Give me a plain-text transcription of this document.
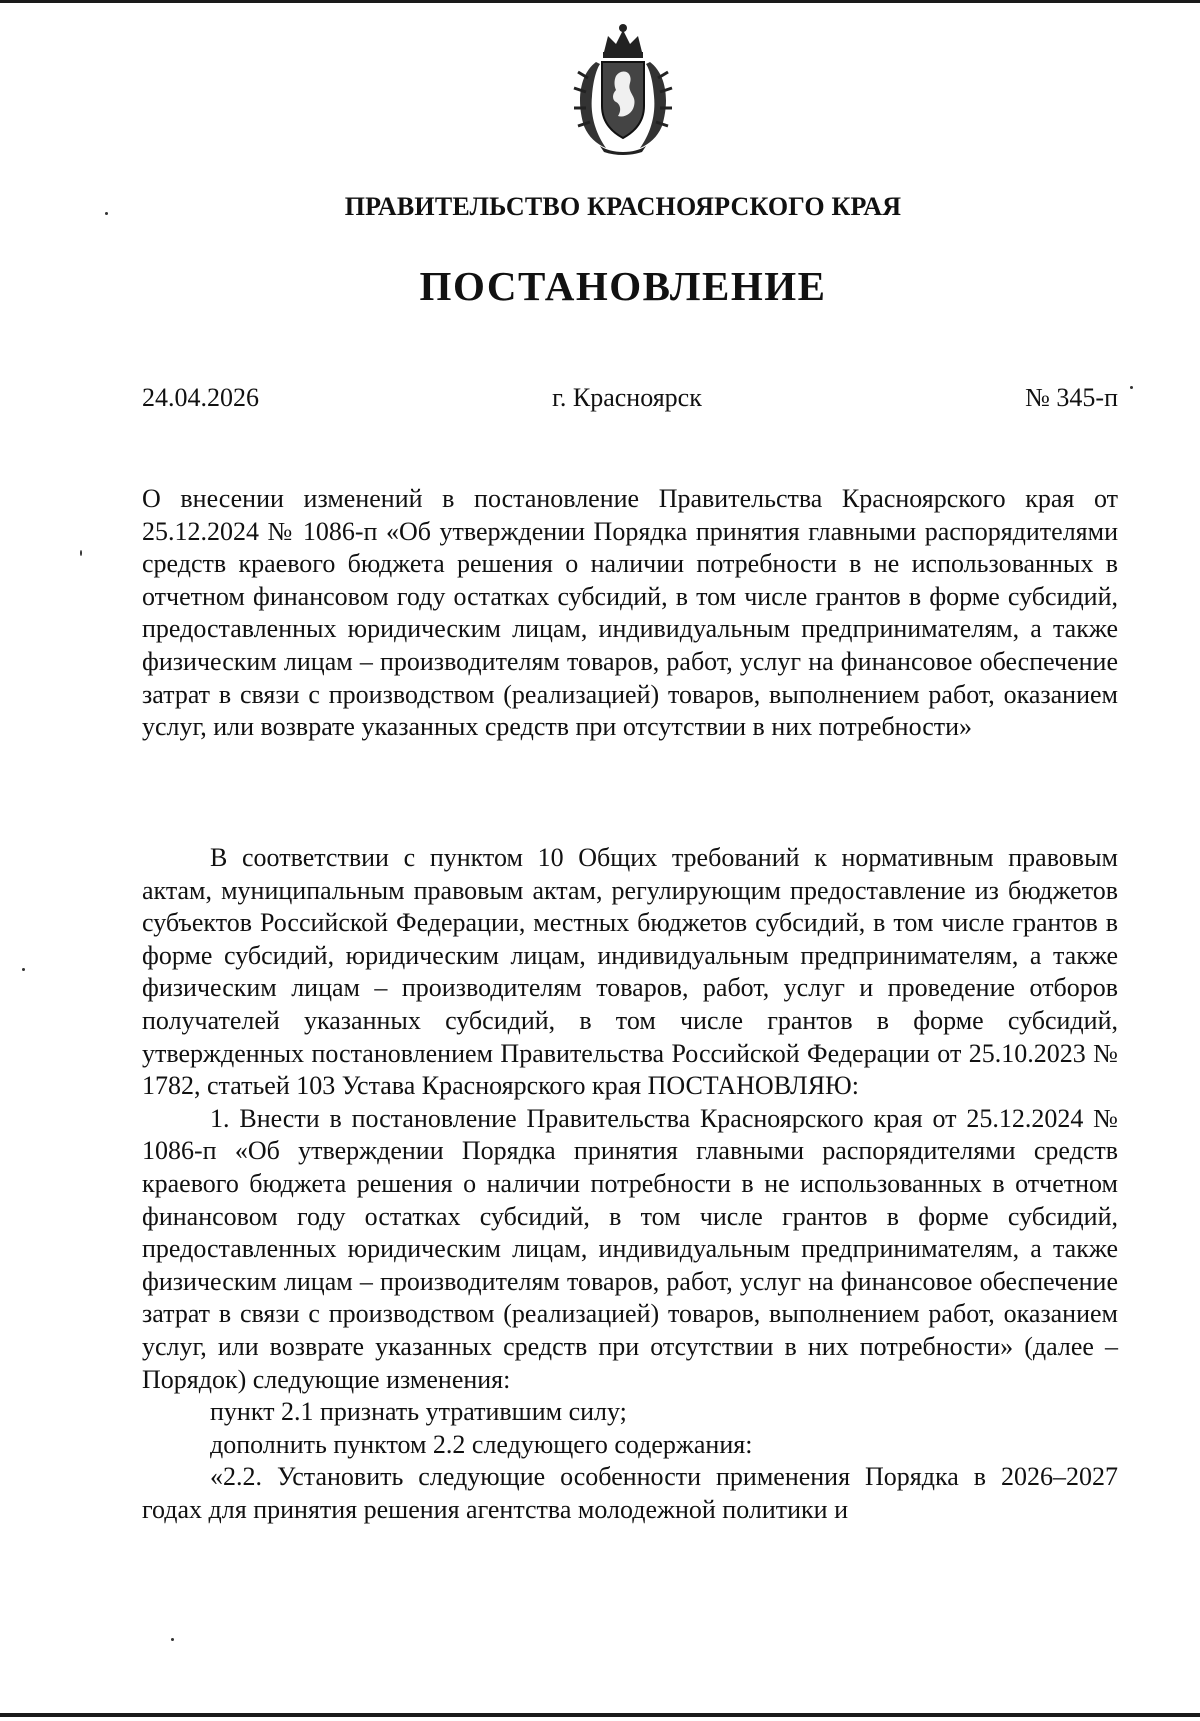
ПРАВИТЕЛЬСТВО КРАСНОЯРСКОГО КРАЯ
ПОСТАНОВЛЕНИЕ
24.04.2026	г. Красноярск	№ 345-п

О внесении изменений в постановление Правительства Красноярского края от 25.12.2024 № 1086-п «Об утверждении Порядка принятия главными распорядителями средств краевого бюджета решения о наличии потребности в не использованных в отчетном финансовом году остатках субсидий, в том числе грантов в форме субсидий, предоставленных юридическим лицам, индивидуальным предпринимателям, а также физическим лицам – производителям товаров, работ, услуг на финансовое обеспечение затрат в связи с производством (реализацией) товаров, выполнением работ, оказанием услуг, или возврате указанных средств при отсутствии в них потребности»

В соответствии с пунктом 10 Общих требований к нормативным правовым актам, муниципальным правовым актам, регулирующим предоставление из бюджетов субъектов Российской Федерации, местных бюджетов субсидий, в том числе грантов в форме субсидий, юридическим лицам, индивидуальным предпринимателям, а также физическим лицам – производителям товаров, работ, услуг и проведение отборов получателей указанных субсидий, в том числе грантов в форме субсидий, утвержденных постановлением Правительства Российской Федерации от 25.10.2023 № 1782, статьей 103 Устава Красноярского края ПОСТАНОВЛЯЮ:

1. Внести в постановление Правительства Красноярского края от 25.12.2024 № 1086-п «Об утверждении Порядка принятия главными распорядителями средств краевого бюджета решения о наличии потребности в не использованных в отчетном финансовом году остатках субсидий, в том числе грантов в форме субсидий, предоставленных юридическим лицам, индивидуальным предпринимателям, а также физическим лицам – производителям товаров, работ, услуг на финансовое обеспечение затрат в связи с производством (реализацией) товаров, выполнением работ, оказанием услуг, или возврате указанных средств при отсутствии в них потребности» (далее – Порядок) следующие изменения:

пункт 2.1 признать утратившим силу;

дополнить пунктом 2.2 следующего содержания:

«2.2. Установить следующие особенности применения Порядка в 2026–2027 годах для принятия решения агентства молодежной политики и
